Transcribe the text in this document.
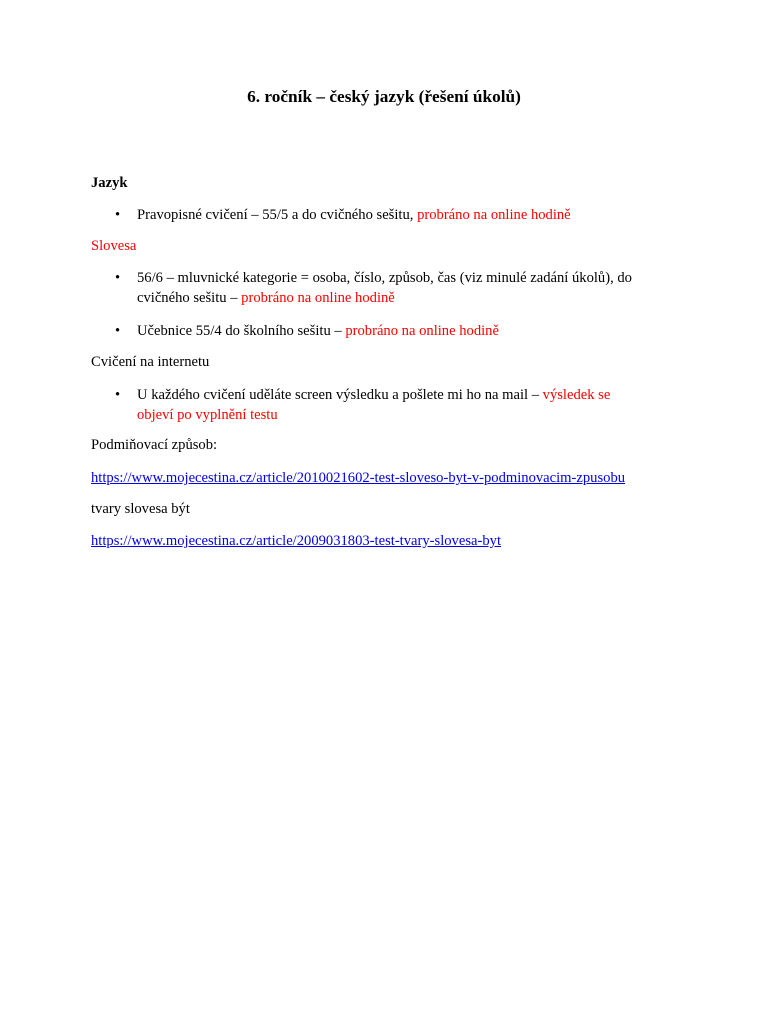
6. ročník – český jazyk (řešení úkolů)
Jazyk
•	Pravopisné cvičení – 55/5 a do cvičného sešitu, probráno na online hodině
Slovesa
•	56/6 – mluvnické kategorie = osoba, číslo, způsob, čas (viz minulé zadání úkolů), do
cvičného sešitu – probráno na online hodině
•	Učebnice 55/4 do školního sešitu – probráno na online hodině
Cvičení na internetu
•	U každého cvičení uděláte screen výsledku a pošlete mi ho na mail – výsledek se
objeví po vyplnění testu
Podmiňovací způsob:
https://www.mojecestina.cz/article/2010021602-test-sloveso-byt-v-podminovacim-zpusobu
tvary slovesa být
https://www.mojecestina.cz/article/2009031803-test-tvary-slovesa-byt
